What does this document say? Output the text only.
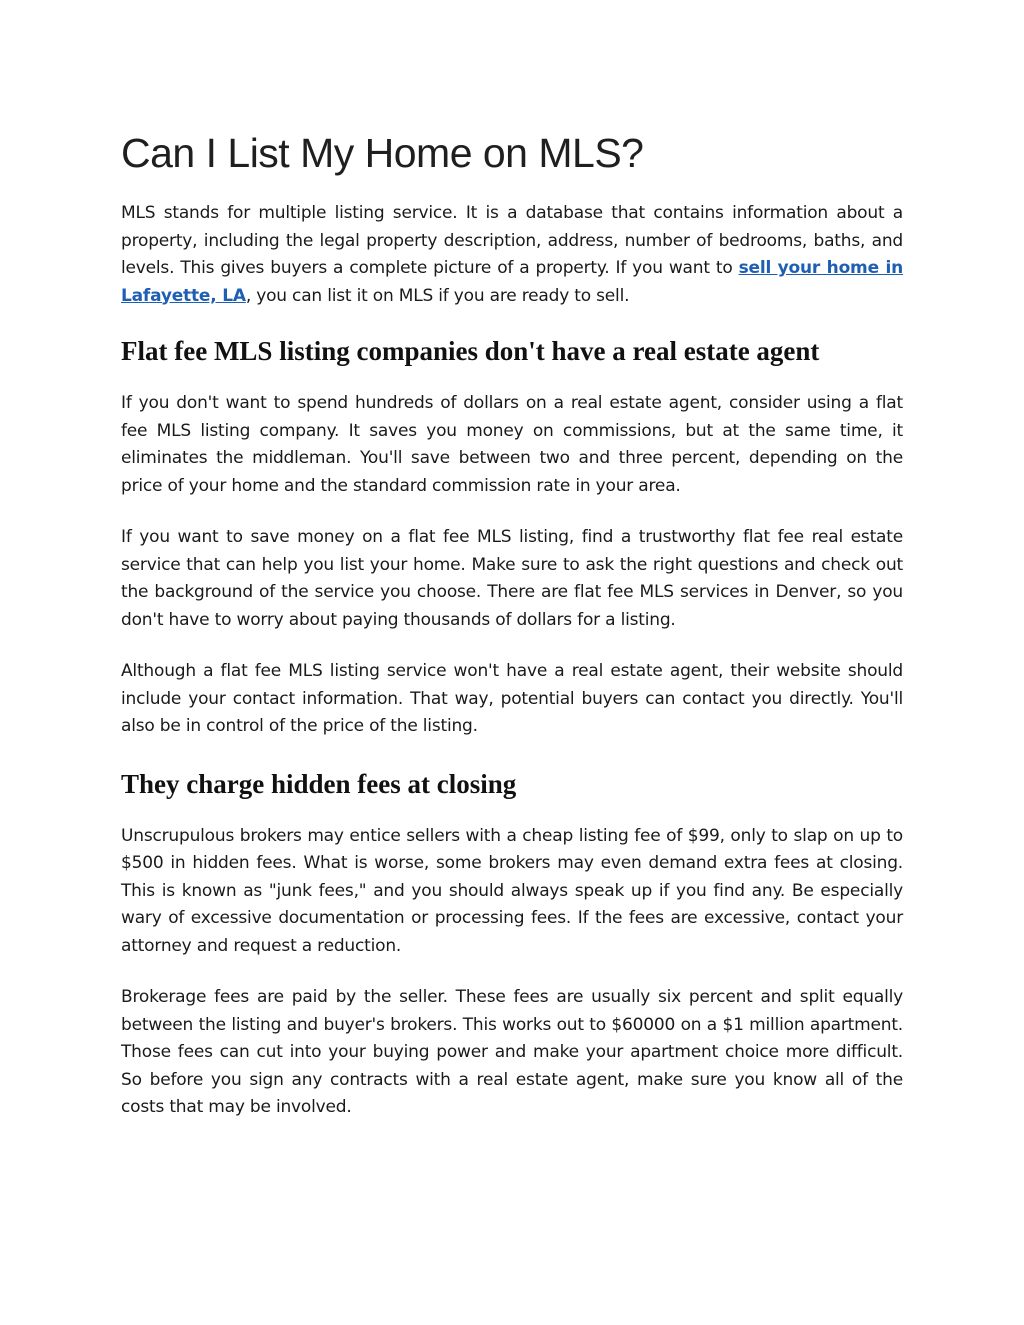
Can I List My Home on MLS?

MLS stands for multiple listing service. It is a database that contains information about a property, including the legal property description, address, number of bedrooms, baths, and levels. This gives buyers a complete picture of a property. If you want to sell your home in Lafayette, LA, you can list it on MLS if you are ready to sell.

Flat fee MLS listing companies don't have a real estate agent

If you don't want to spend hundreds of dollars on a real estate agent, consider using a flat fee MLS listing company. It saves you money on commissions, but at the same time, it eliminates the middleman. You'll save between two and three percent, depending on the price of your home and the standard commission rate in your area.

If you want to save money on a flat fee MLS listing, find a trustworthy flat fee real estate service that can help you list your home. Make sure to ask the right questions and check out the background of the service you choose. There are flat fee MLS services in Denver, so you don't have to worry about paying thousands of dollars for a listing.

Although a flat fee MLS listing service won't have a real estate agent, their website should include your contact information. That way, potential buyers can contact you directly. You'll also be in control of the price of the listing.

They charge hidden fees at closing

Unscrupulous brokers may entice sellers with a cheap listing fee of $99, only to slap on up to $500 in hidden fees. What is worse, some brokers may even demand extra fees at closing. This is known as "junk fees," and you should always speak up if you find any. Be especially wary of excessive documentation or processing fees. If the fees are excessive, contact your attorney and request a reduction.

Brokerage fees are paid by the seller. These fees are usually six percent and split equally between the listing and buyer's brokers. This works out to $60000 on a $1 million apartment. Those fees can cut into your buying power and make your apartment choice more difficult. So before you sign any contracts with a real estate agent, make sure you know all of the costs that may be involved.
